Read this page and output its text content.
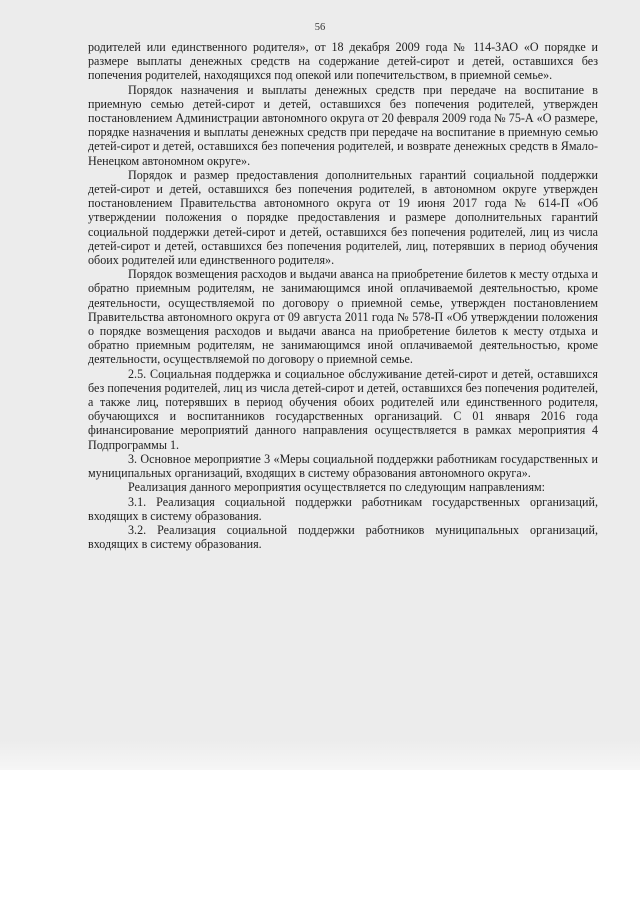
56

родителей или единственного родителя», от 18 декабря 2009 года № 114-ЗАО «О порядке и размере выплаты денежных средств на содержание детей-сирот и детей, оставшихся без попечения родителей, находящихся под опекой или попечительством, в приемной семье».

Порядок назначения и выплаты денежных средств при передаче на воспитание в приемную семью детей-сирот и детей, оставшихся без попечения родителей, утвержден постановлением Администрации автономного округа от 20 февраля 2009 года № 75-А «О размере, порядке назначения и выплаты денежных средств при передаче на воспитание в приемную семью детей-сирот и детей, оставшихся без попечения родителей, и возврате денежных средств в Ямало-Ненецком автономном округе».

Порядок и размер предоставления дополнительных гарантий социальной поддержки детей-сирот и детей, оставшихся без попечения родителей, в автономном округе утвержден постановлением Правительства автономного округа от 19 июня 2017 года № 614-П «Об утверждении положения о порядке предоставления и размере дополнительных гарантий социальной поддержки детей-сирот и детей, оставшихся без попечения родителей, лиц из числа детей-сирот и детей, оставшихся без попечения родителей, лиц, потерявших в период обучения обоих родителей или единственного родителя».

Порядок возмещения расходов и выдачи аванса на приобретение билетов к месту отдыха и обратно приемным родителям, не занимающимся иной оплачиваемой деятельностью, кроме деятельности, осуществляемой по договору о приемной семье, утвержден постановлением Правительства автономного округа от 09 августа 2011 года № 578-П «Об утверждении положения о порядке возмещения расходов и выдачи аванса на приобретение билетов к месту отдыха и обратно приемным родителям, не занимающимся иной оплачиваемой деятельностью, кроме деятельности, осуществляемой по договору о приемной семье.

2.5. Социальная поддержка и социальное обслуживание детей-сирот и детей, оставшихся без попечения родителей, лиц из числа детей-сирот и детей, оставшихся без попечения родителей, а также лиц, потерявших в период обучения обоих родителей или единственного родителя, обучающихся и воспитанников государственных организаций. С 01 января 2016 года финансирование мероприятий данного направления осуществляется в рамках мероприятия 4 Подпрограммы 1.

3. Основное мероприятие 3 «Меры социальной поддержки работникам государственных и муниципальных организаций, входящих в систему образования автономного округа».

Реализация данного мероприятия осуществляется по следующим направлениям:

3.1. Реализация социальной поддержки работникам государственных организаций, входящих в систему образования.

3.2. Реализация социальной поддержки работников муниципальных организаций, входящих в систему образования.
